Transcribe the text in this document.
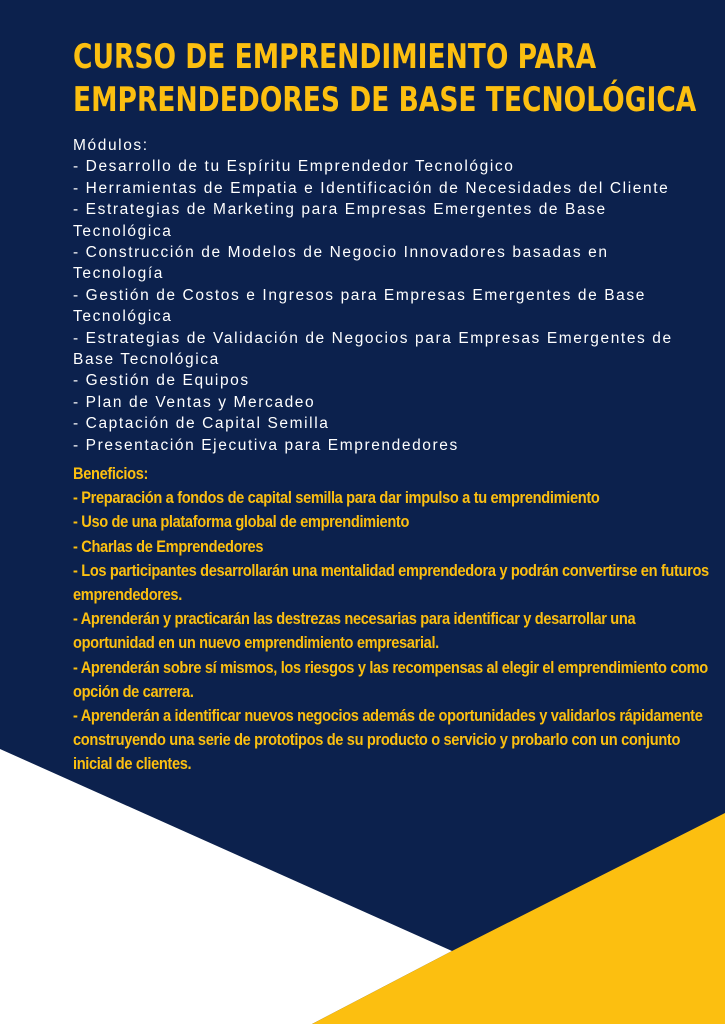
CURSO DE EMPRENDIMIENTO PARA
EMPRENDEDORES DE BASE TECNOLÓGICA
Módulos:
- Desarrollo de tu Espíritu Emprendedor Tecnológico
- Herramientas de Empatia e Identificación de Necesidades del Cliente
- Estrategias de Marketing para Empresas Emergentes de Base Tecnológica
- Construcción de Modelos de Negocio Innovadores basadas en Tecnología
- Gestión de Costos e Ingresos para Empresas Emergentes de Base Tecnológica
- Estrategias de Validación de Negocios para Empresas Emergentes de Base Tecnológica
- Gestión de Equipos
- Plan de Ventas y Mercadeo
- Captación de Capital Semilla
- Presentación Ejecutiva para Emprendedores
Beneficios:
- Preparación a fondos de capital semilla para dar impulso a tu emprendimiento
- Uso de una plataforma global de emprendimiento
- Charlas de Emprendedores
- Los participantes desarrollarán una mentalidad emprendedora y podrán convertirse en futuros emprendedores.
- Aprenderán y practicarán las destrezas necesarias para identificar y desarrollar una oportunidad en un nuevo emprendimiento empresarial.
- Aprenderán sobre sí mismos, los riesgos y las recompensas al elegir el emprendimiento como opción de carrera.
- Aprenderán a identificar nuevos negocios además de oportunidades y validarlos rápidamente construyendo una serie de prototipos de su producto o servicio y probarlo con un conjunto inicial de clientes.
